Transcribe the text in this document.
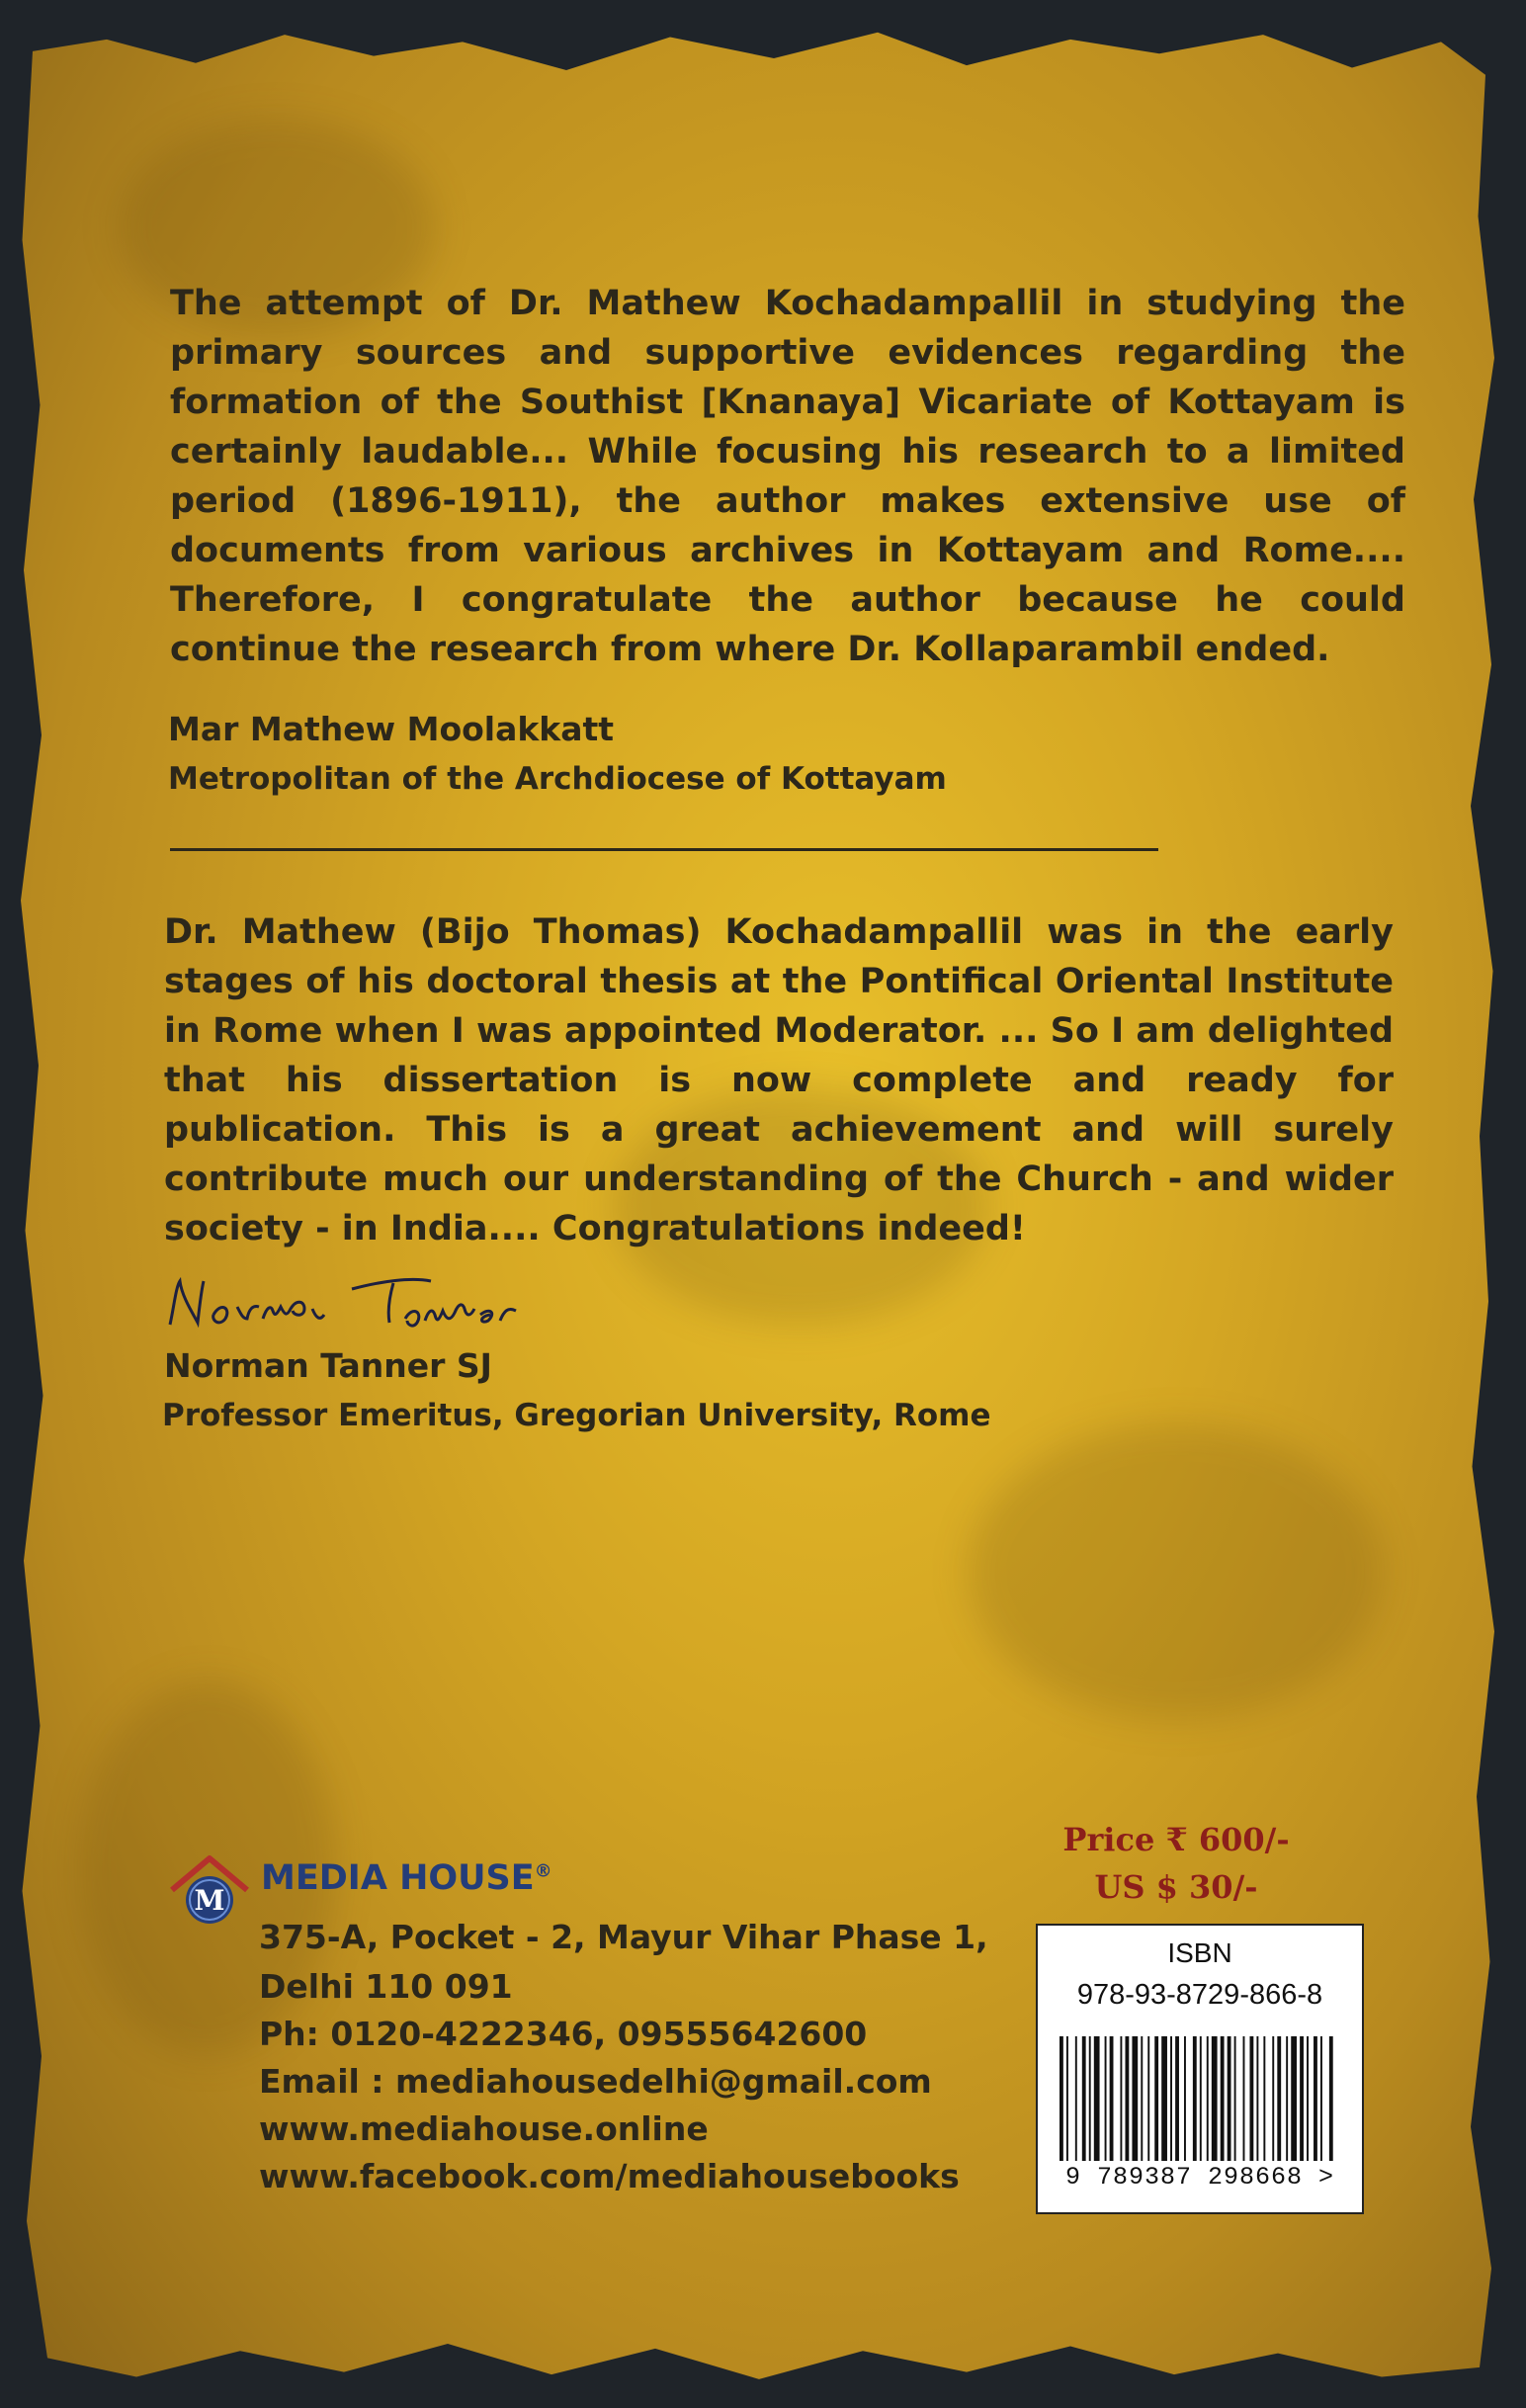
The attempt of Dr. Mathew Kochadampallil in studying the primary sources and supportive evidences regarding the formation of the Southist [Knanaya] Vicariate of Kottayam is certainly laudable... While focusing his research to a limited period (1896-1911), the author makes extensive use of documents from various archives in Kottayam and Rome.... Therefore, I congratulate the author because he could continue the research from where Dr. Kollaparambil ended.
Mar Mathew Moolakkatt
Metropolitan of the Archdiocese of Kottayam
Dr. Mathew (Bijo Thomas) Kochadampallil was in the early stages of his doctoral thesis at the Pontifical Oriental Institute in Rome when I was appointed Moderator. ... So I am delighted that his dissertation is now complete and ready for publication. This is a great achievement and will surely contribute much our understanding of the Church - and wider society - in India.... Congratulations indeed!
Norman Tanner SJ
Professor Emeritus, Gregorian University, Rome
M
MEDIA HOUSE®
375-A, Pocket - 2, Mayur Vihar Phase 1,
Delhi 110 091
Ph: 0120-4222346, 09555642600
Email : mediahousedelhi@gmail.com
www.mediahouse.online
www.facebook.com/mediahousebooks
Price ₹ 600/-
US $ 30/-
ISBN
978-93-8729-866-8
9 789387 298668 >
